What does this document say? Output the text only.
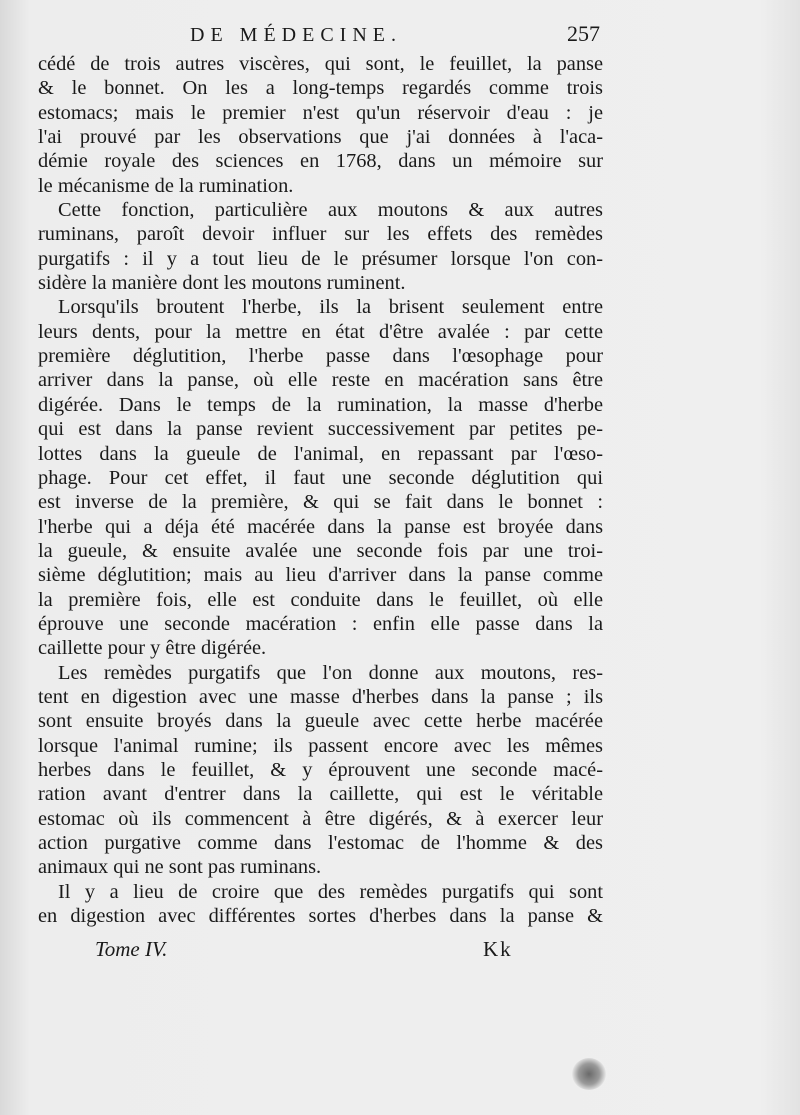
DE MÉDECINE.	257
cédé de trois autres viscères, qui sont, le feuillet, la panse
& le bonnet. On les a long-temps regardés comme trois
estomacs; mais le premier n'est qu'un réservoir d'eau : je
l'ai prouvé par les observations que j'ai données à l'aca-
démie royale des sciences en 1768, dans un mémoire sur
le mécanisme de la rumination.
Cette fonction, particulière aux moutons & aux autres
ruminans, paroît devoir influer sur les effets des remèdes
purgatifs : il y a tout lieu de le présumer lorsque l'on con-
sidère la manière dont les moutons ruminent.
Lorsqu'ils broutent l'herbe, ils la brisent seulement entre
leurs dents, pour la mettre en état d'être avalée : par cette
première déglutition, l'herbe passe dans l'œsophage pour
arriver dans la panse, où elle reste en macération sans être
digérée. Dans le temps de la rumination, la masse d'herbe
qui est dans la panse revient successivement par petites pe-
lottes dans la gueule de l'animal, en repassant par l'œso-
phage. Pour cet effet, il faut une seconde déglutition qui
est inverse de la première, & qui se fait dans le bonnet :
l'herbe qui a déja été macérée dans la panse est broyée dans
la gueule, & ensuite avalée une seconde fois par une troi-
sième déglutition; mais au lieu d'arriver dans la panse comme
la première fois, elle est conduite dans le feuillet, où elle
éprouve une seconde macération : enfin elle passe dans la
caillette pour y être digérée.
Les remèdes purgatifs que l'on donne aux moutons, res-
tent en digestion avec une masse d'herbes dans la panse ; ils
sont ensuite broyés dans la gueule avec cette herbe macérée
lorsque l'animal rumine; ils passent encore avec les mêmes
herbes dans le feuillet, & y éprouvent une seconde macé-
ration avant d'entrer dans la caillette, qui est le véritable
estomac où ils commencent à être digérés, & à exercer leur
action purgative comme dans l'estomac de l'homme & des
animaux qui ne sont pas ruminans.
Il y a lieu de croire que des remèdes purgatifs qui sont
en digestion avec différentes sortes d'herbes dans la panse &
Tome IV.	Kk
